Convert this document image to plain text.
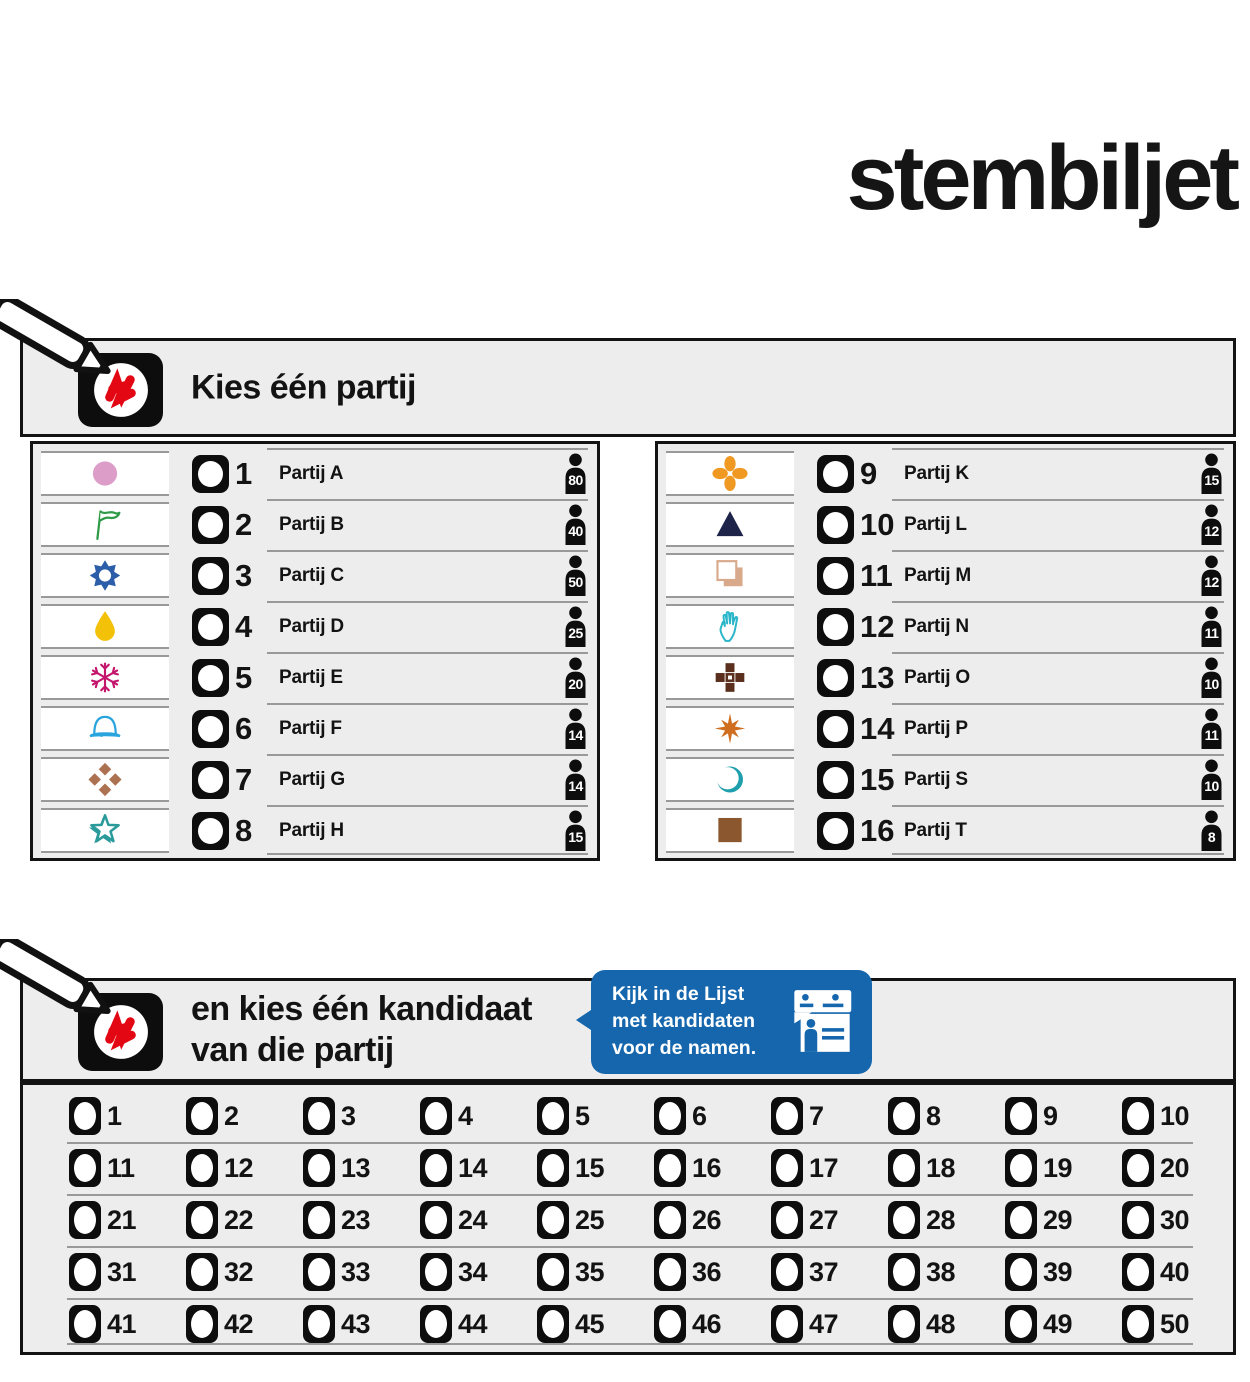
stembiljet
Kies één partij
1	Partij A	80
2	Partij B	40
3	Partij C	50
4	Partij D	25
5	Partij E	20
6	Partij F	14
7	Partij G	14
8	Partij H	15
9	Partij K	15
10 Partij L	12
11 Partij M	12
12 Partij N	11
13 Partij O	10
14 Partij P	11
15 Partij S	10
16 Partij T	8
en kies één kandidaat
van die partij
Kijk in de Lijst
met kandidaten
voor de namen.
1	2	3	4	5	6	7	8	9	10
11	12	13	14	15	16	17	18	19	20
21	22	23	24	25	26	27	28	29	30
31	32	33	34	35	36	37	38	39	40
41	42	43	44	45	46	47	48	49	50
